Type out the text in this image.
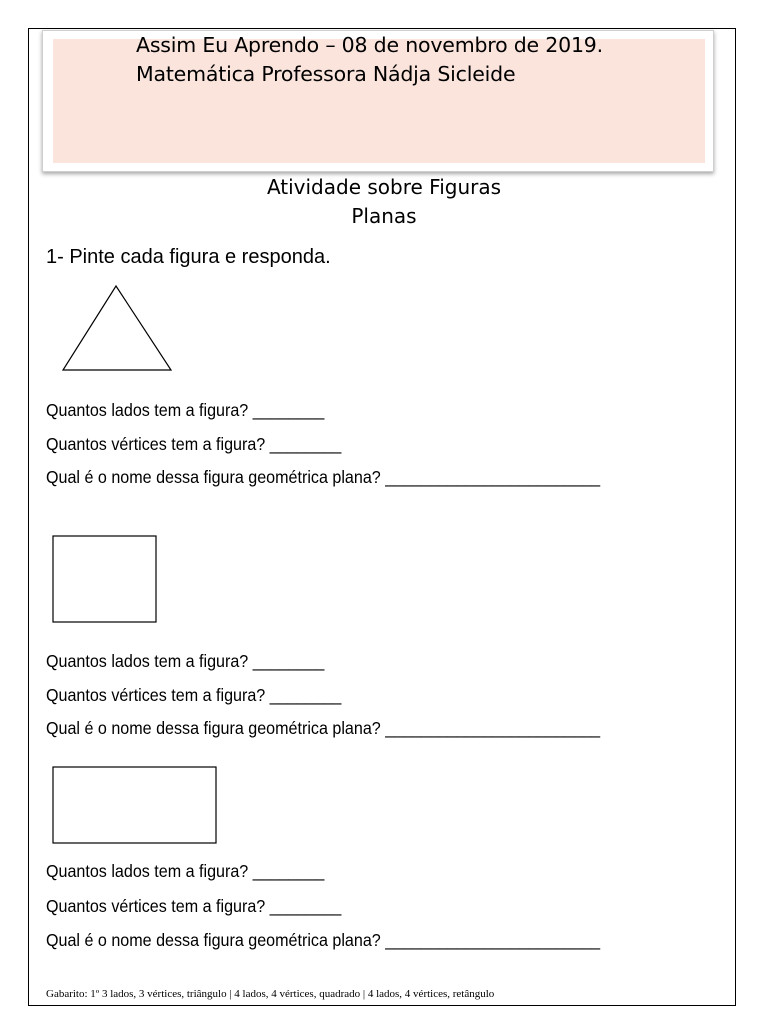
Assim Eu Aprendo – 08 de novembro de 2019.
Matemática Professora Nádja Sicleide
Atividade sobre Figuras
Planas
1- Pinte cada figura e responda.
Quantos lados tem a figura? ________
Quantos vértices tem a figura? ________
Qual é o nome dessa figura geométrica plana? ________________________
Quantos lados tem a figura? ________
Quantos vértices tem a figura? ________
Qual é o nome dessa figura geométrica plana? ________________________
Quantos lados tem a figura? ________
Quantos vértices tem a figura? ________
Qual é o nome dessa figura geométrica plana? ________________________
Gabarito: 1º 3 lados, 3 vértices, triângulo | 4 lados, 4 vértices, quadrado | 4 lados, 4 vértices, retângulo
